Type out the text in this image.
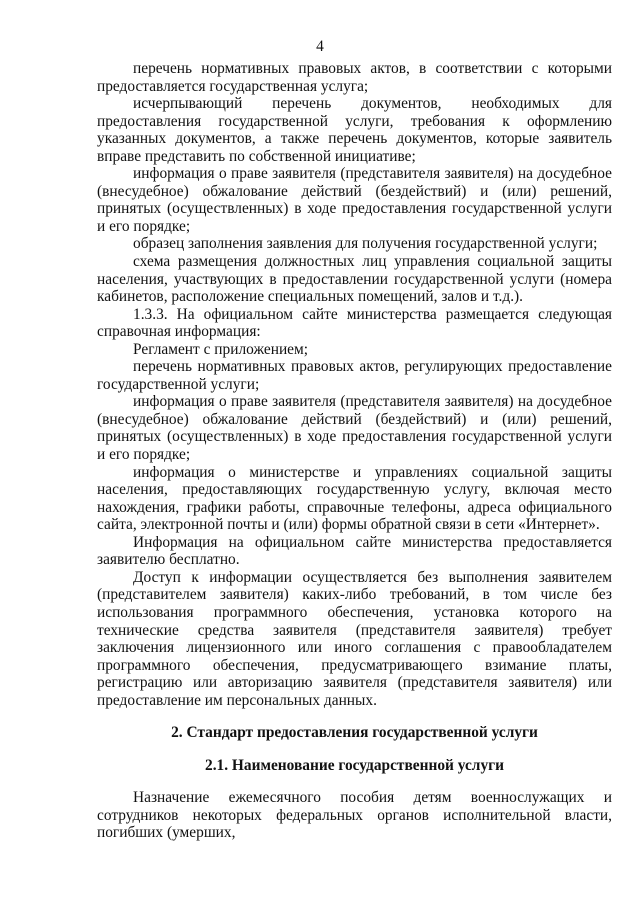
4

перечень нормативных правовых актов, в соответствии с которыми предоставляется государственная услуга;

исчерпывающий перечень документов, необходимых для предоставления государственной услуги, требования к оформлению указанных документов, а также перечень документов, которые заявитель вправе представить по собственной инициативе;

информация о праве заявителя (представителя заявителя) на досудебное (внесудебное) обжалование действий (бездействий) и (или) решений, принятых (осуществленных) в ходе предоставления государственной услуги и его порядке;

образец заполнения заявления для получения государственной услуги;

схема размещения должностных лиц управления социальной защиты населения, участвующих в предоставлении государственной услуги (номера кабинетов, расположение специальных помещений, залов и т.д.).

1.3.3. На официальном сайте министерства размещается следующая справочная информация:

Регламент с приложением;

перечень нормативных правовых актов, регулирующих предоставление государственной услуги;

информация о праве заявителя (представителя заявителя) на досудебное (внесудебное) обжалование действий (бездействий) и (или) решений, принятых (осуществленных) в ходе предоставления государственной услуги и его порядке;

информация о министерстве и управлениях социальной защиты населения, предоставляющих государственную услугу, включая место нахождения, графики работы, справочные телефоны, адреса официального сайта, электронной почты и (или) формы обратной связи в сети «Интернет».

Информация на официальном сайте министерства предоставляется заявителю бесплатно.

Доступ к информации осуществляется без выполнения заявителем (представителем заявителя) каких-либо требований, в том числе без использования программного обеспечения, установка которого на технические средства заявителя (представителя заявителя) требует заключения лицензионного или иного соглашения с правообладателем программного обеспечения, предусматривающего взимание платы, регистрацию или авторизацию заявителя (представителя заявителя) или предоставление им персональных данных.

2. Стандарт предоставления государственной услуги

2.1. Наименование государственной услуги

Назначение ежемесячного пособия детям военнослужащих и сотрудников некоторых федеральных органов исполнительной власти, погибших (умерших,
